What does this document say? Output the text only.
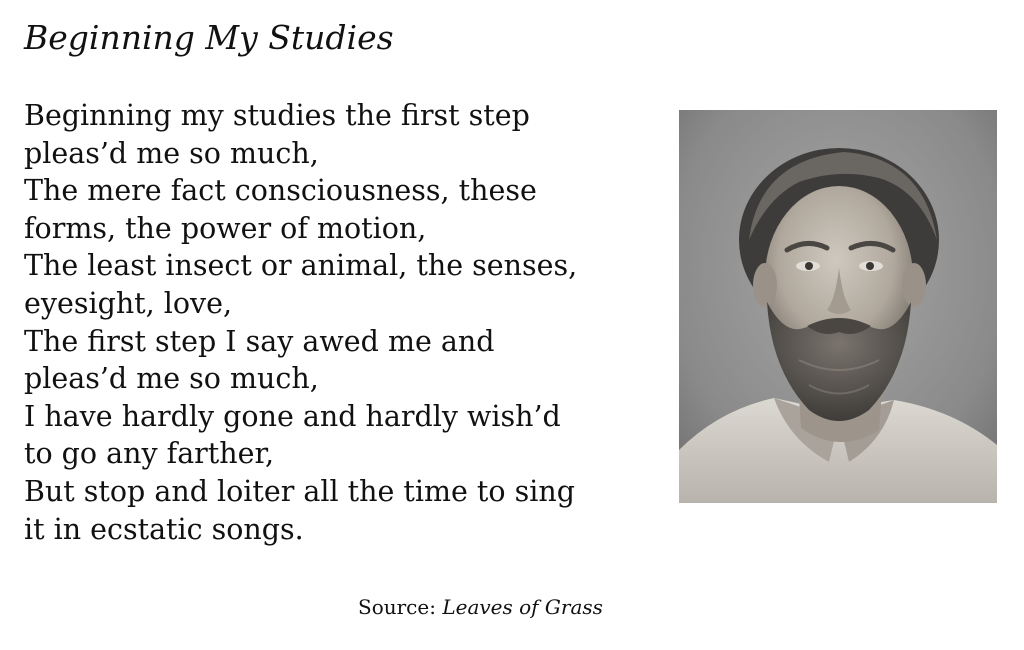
Beginning My Studies
Beginning my studies the first step
pleas’d me so much,
The mere fact consciousness, these
forms, the power of motion,
The least insect or animal, the senses,
eyesight, love,
The first step I say awed me and
pleas’d me so much,
I have hardly gone and hardly wish’d
to go any farther,
But stop and loiter all the time to sing
it in ecstatic songs.
Source: Leaves of Grass
